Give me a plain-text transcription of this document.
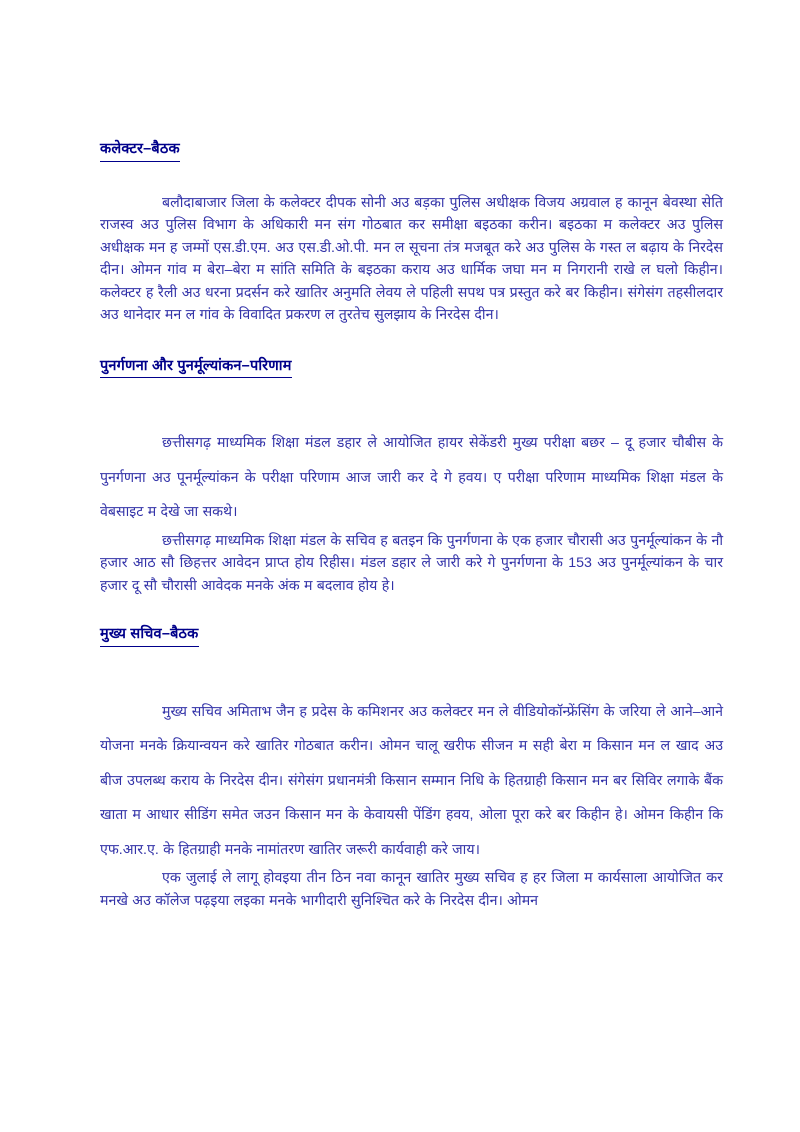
कलेक्टर–बैठक

बलौदाबाजार जिला के कलेक्टर दीपक सोनी अउ बड़का पुलिस अधीक्षक विजय अग्रवाल ह कानून बेवस्था सेति राजस्व अउ पुलिस विभाग के अधिकारी मन संग गोठबात कर समीक्षा बइठका करीन। बइठका म कलेक्टर अउ पुलिस अधीक्षक मन ह जम्मों एस.डी.एम. अउ एस.डी.ओ.पी. मन ल सूचना तंत्र मजबूत करे अउ पुलिस के गस्त ल बढ़ाय के निरदेस दीन। ओमन गांव म बेरा–बेरा म सांति समिति के बइठका कराय अउ धार्मिक जघा मन म निगरानी राखे ल घलो किहीन। कलेक्टर ह रैली अउ धरना प्रदर्सन करे खातिर अनुमति लेवय ले पहिली सपथ पत्र प्रस्तुत करे बर किहीन। संगेसंग तहसीलदार अउ थानेदार मन ल गांव के विवादित प्रकरण ल तुरतेच सुलझाय के निरदेस दीन।

पुनर्गणना और पुनर्मूल्यांकन–परिणाम

छत्तीसगढ़ माध्यमिक शिक्षा मंडल डहार ले आयोजित हायर सेकेंडरी मुख्य परीक्षा बछर – दू हजार चौबीस के पुनर्गणना अउ पूनर्मूल्यांकन के परीक्षा परिणाम आज जारी कर दे गे हवय। ए परीक्षा परिणाम माध्यमिक शिक्षा मंडल के वेबसाइट म देखे जा सकथे।

छत्तीसगढ़ माध्यमिक शिक्षा मंडल के सचिव ह बतइन कि पुनर्गणना के एक हजार चौरासी अउ पुनर्मूल्यांकन के नौ हजार आठ सौ छिहत्तर आवेदन प्राप्त होय रिहीस। मंडल डहार ले जारी करे गे पुनर्गणना के 153 अउ पुनर्मूल्यांकन के चार हजार दू सौ चौरासी आवेदक मनके अंक म बदलाव होय हे।

मुख्य सचिव–बैठक

मुख्य सचिव अमिताभ जैन ह प्रदेस के कमिशनर अउ कलेक्टर मन ले वीडियोकॉन्फ्रेंसिंग के जरिया ले आने–आने योजना मनके क्रियान्वयन करे खातिर गोठबात करीन। ओमन चालू खरीफ सीजन म सही बेरा म किसान मन ल खाद अउ बीज उपलब्ध कराय के निरदेस दीन। संगेसंग प्रधानमंत्री किसान सम्मान निधि के हितग्राही किसान मन बर सिविर लगाके बैंक खाता म आधार सीडिंग समेत जउन किसान मन के केवायसी पेंडिंग हवय, ओला पूरा करे बर किहीन हे। ओमन किहीन कि एफ.आर.ए. के हितग्राही मनके नामांतरण खातिर जरूरी कार्यवाही करे जाय।

एक जुलाई ले लागू होवइया तीन ठिन नवा कानून खातिर मुख्य सचिव ह हर जिला म कार्यसाला आयोजित कर मनखे अउ कॉलेज पढ़इया लइका मनके भागीदारी सुनिश्चित करे के निरदेस दीन। ओमन
